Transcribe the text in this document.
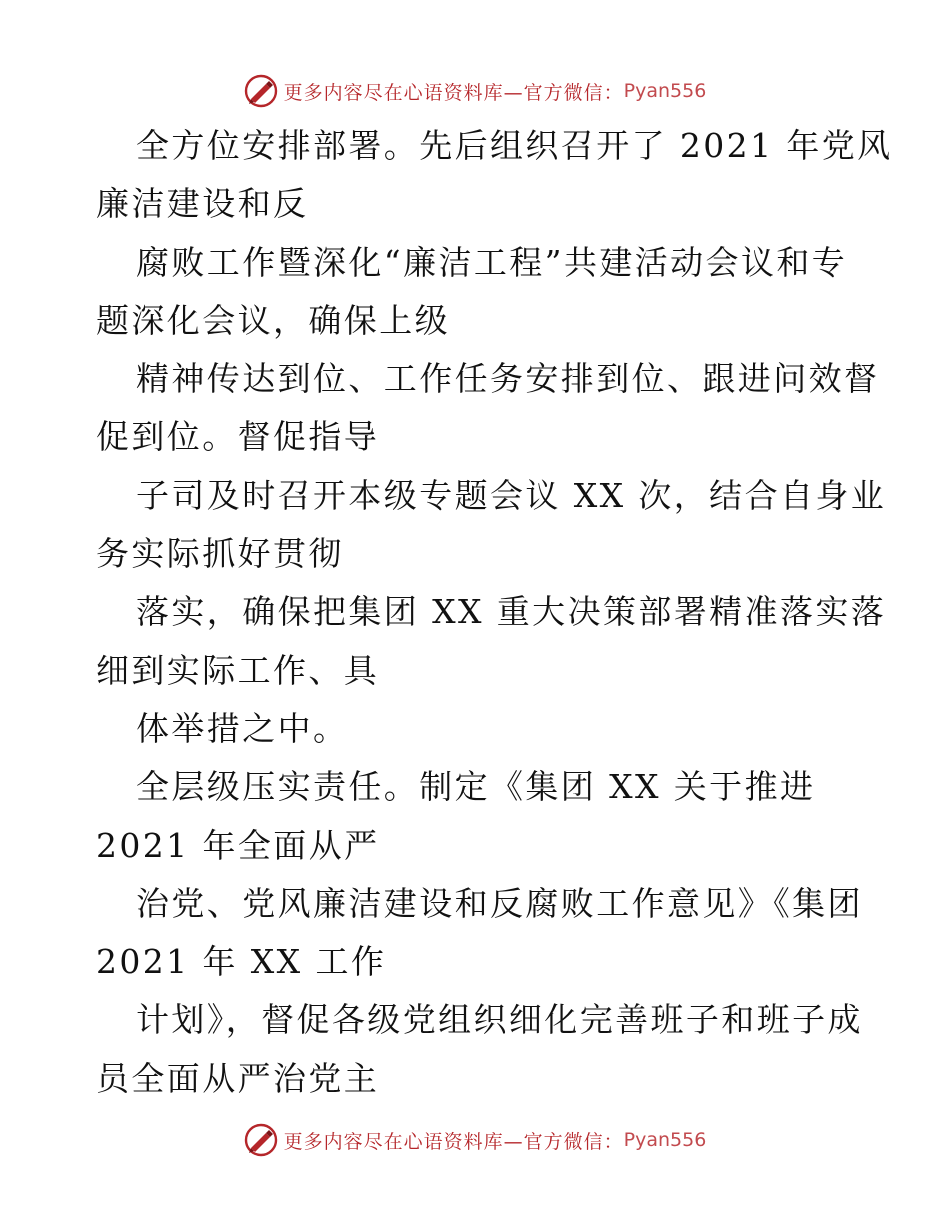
更多内容尽在心语资料库—官方微信： Pyan556
全方位安排部署。先后组织召开了 2021 年党风
廉洁建设和反
腐败工作暨深化“廉洁工程”共建活动会议和专
题深化会议，确保上级
精神传达到位、工作任务安排到位、跟进问效督
促到位。督促指导
子司及时召开本级专题会议 XX 次，结合自身业
务实际抓好贯彻
落实，确保把集团 XX 重大决策部署精准落实落
细到实际工作、具
体举措之中。
全层级压实责任。制定《集团 XX 关于推进
2021 年全面从严
治党、党风廉洁建设和反腐败工作意见》《集团
2021 年 XX 工作
计划》，督促各级党组织细化完善班子和班子成
员全面从严治党主
更多内容尽在心语资料库—官方微信： Pyan556
